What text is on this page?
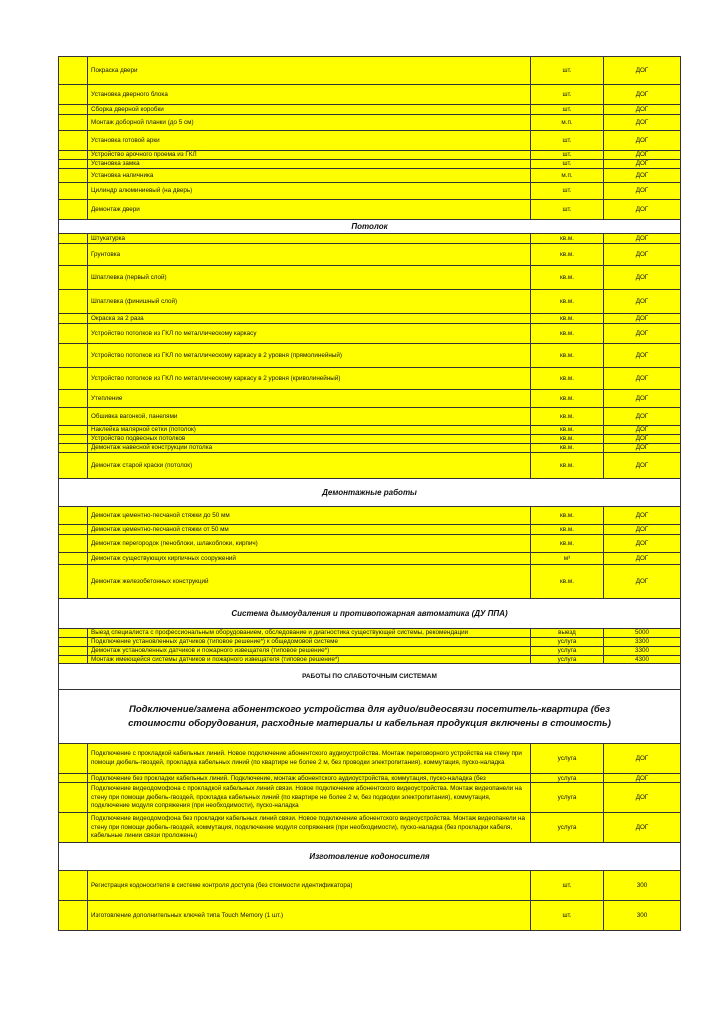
	Покраска двери	шт.	ДОГ
	Установка дверного блока	шт.	ДОГ
	Сборка дверной коробки	шт.	ДОГ
	Монтаж доборной планки (до 5 см)	м.п.	ДОГ
	Установка готовой арки	шт.	ДОГ
	Устройство арочного проема из ГКЛ	шт.	ДОГ
	Установка замка	шт.	ДОГ
	Установка наличника	м.п.	ДОГ
	Цилиндр алюминиевый (на дверь)	шт.	ДОГ
	Демонтаж двери	шт.	ДОГ
Потолок			
	Штукатурка	кв.м.	ДОГ
	Грунтовка	кв.м.	ДОГ
	Шпатлевка (первый слой)	кв.м.	ДОГ
	Шпатлевка (финишный слой)	кв.м.	ДОГ
	Окраска за 2 раза	кв.м.	ДОГ
	Устройство потолков из ГКЛ по металлическому каркасу	кв.м.	ДОГ
	Устройство потолков из ГКЛ по металлическому каркасу в 2 уровня (прямолинейный)	кв.м.	ДОГ
	Устройство потолков из ГКЛ по металлическому каркасу в 2 уровня (криволинейный)	кв.м.	ДОГ
	Утепление	кв.м.	ДОГ
	Обшивка вагонкой, панелями	кв.м.	ДОГ
	Наклейка малярной сетки (потолок)	кв.м.	ДОГ
	Устройство подвесных потолков	кв.м.	ДОГ
	Демонтаж навесной конструкции потолка	кв.м.	ДОГ
	Демонтаж старой краски (потолок)	кв.м.	ДОГ
Демонтажные работы			
	Демонтаж цементно-песчаной стяжки до 50 мм	кв.м.	ДОГ
	Демонтаж цементно-песчаной стяжки от 50 мм	кв.м.	ДОГ
	Демонтаж перегородок (пеноблоки, шлакоблоки, кирпич)	кв.м.	ДОГ
	Демонтаж существующих кирпичных сооружений	м³	ДОГ
	Демонтаж железобетонных конструкций	кв.м.	ДОГ
Система дымоудаления и противопожарная автоматика (ДУ ППА)			
	Выезд специалиста с профессиональным оборудованием, обследование и диагностика существующей системы, рекомендации	выезд	5000
	Подключение установленных датчиков (типовое решение*) к общедомовой системе	услуга	3300
	Демонтаж установленных датчиков и пожарного извещателя (типовое решение*)	услуга	3300
	Монтаж имеющейся системы датчиков и пожарного извещателя (типовое решение*)	услуга	4300
РАБОТЫ ПО СЛАБОТОЧНЫМ СИСТЕМАМ			
Подключение/замена абонентского устройства для аудио/видеосвязи посетитель-квартира (без стоимости оборудования, расходные материалы и кабельная продукция включены в стоимость)			
	Подключение с прокладкой кабельных линий. Новое подключение абонентского аудиоустройства. Монтаж переговорного устройства на стену при помощи дюбель-гвоздей, прокладка кабельных линий (по квартире не более 2 м, без проводки электропитания), коммутация, пуско-наладка	услуга	ДОГ
	Подключение без прокладки кабельных линий. Подключение, монтаж абонентского аудиоустройства, коммутация, пуско-наладка (без	услуга	ДОГ
	Подключение видеодомофона с прокладкой кабельных линий связи. Новое подключение абонентского видеоустройства. Монтаж видеопанели на стену при помощи дюбель-гвоздей, прокладка кабельных линий (по квартире не более 2 м, без подводки электропитания), коммутация, подключение модуля сопряжения (при необходимости), пуско-наладка	услуга	ДОГ
	Подключение видеодомофона без прокладки кабельных линий связи. Новое подключение абонентского видеоустройства. Монтаж видеопанели на стену при помощи дюбель-гвоздей, коммутация, подключение модуля сопряжения (при необходимости), пуско-наладка (без прокладки кабеля, кабельные линии связи проложены)	услуга	ДОГ
Изготовление кодоносителя			
	Регистрация кодоносителя в системе контроля доступа (без стоимости идентификатора)	шт.	300
	Изготовление дополнительных ключей типа Touch Memory (1 шт.)	шт.	300
